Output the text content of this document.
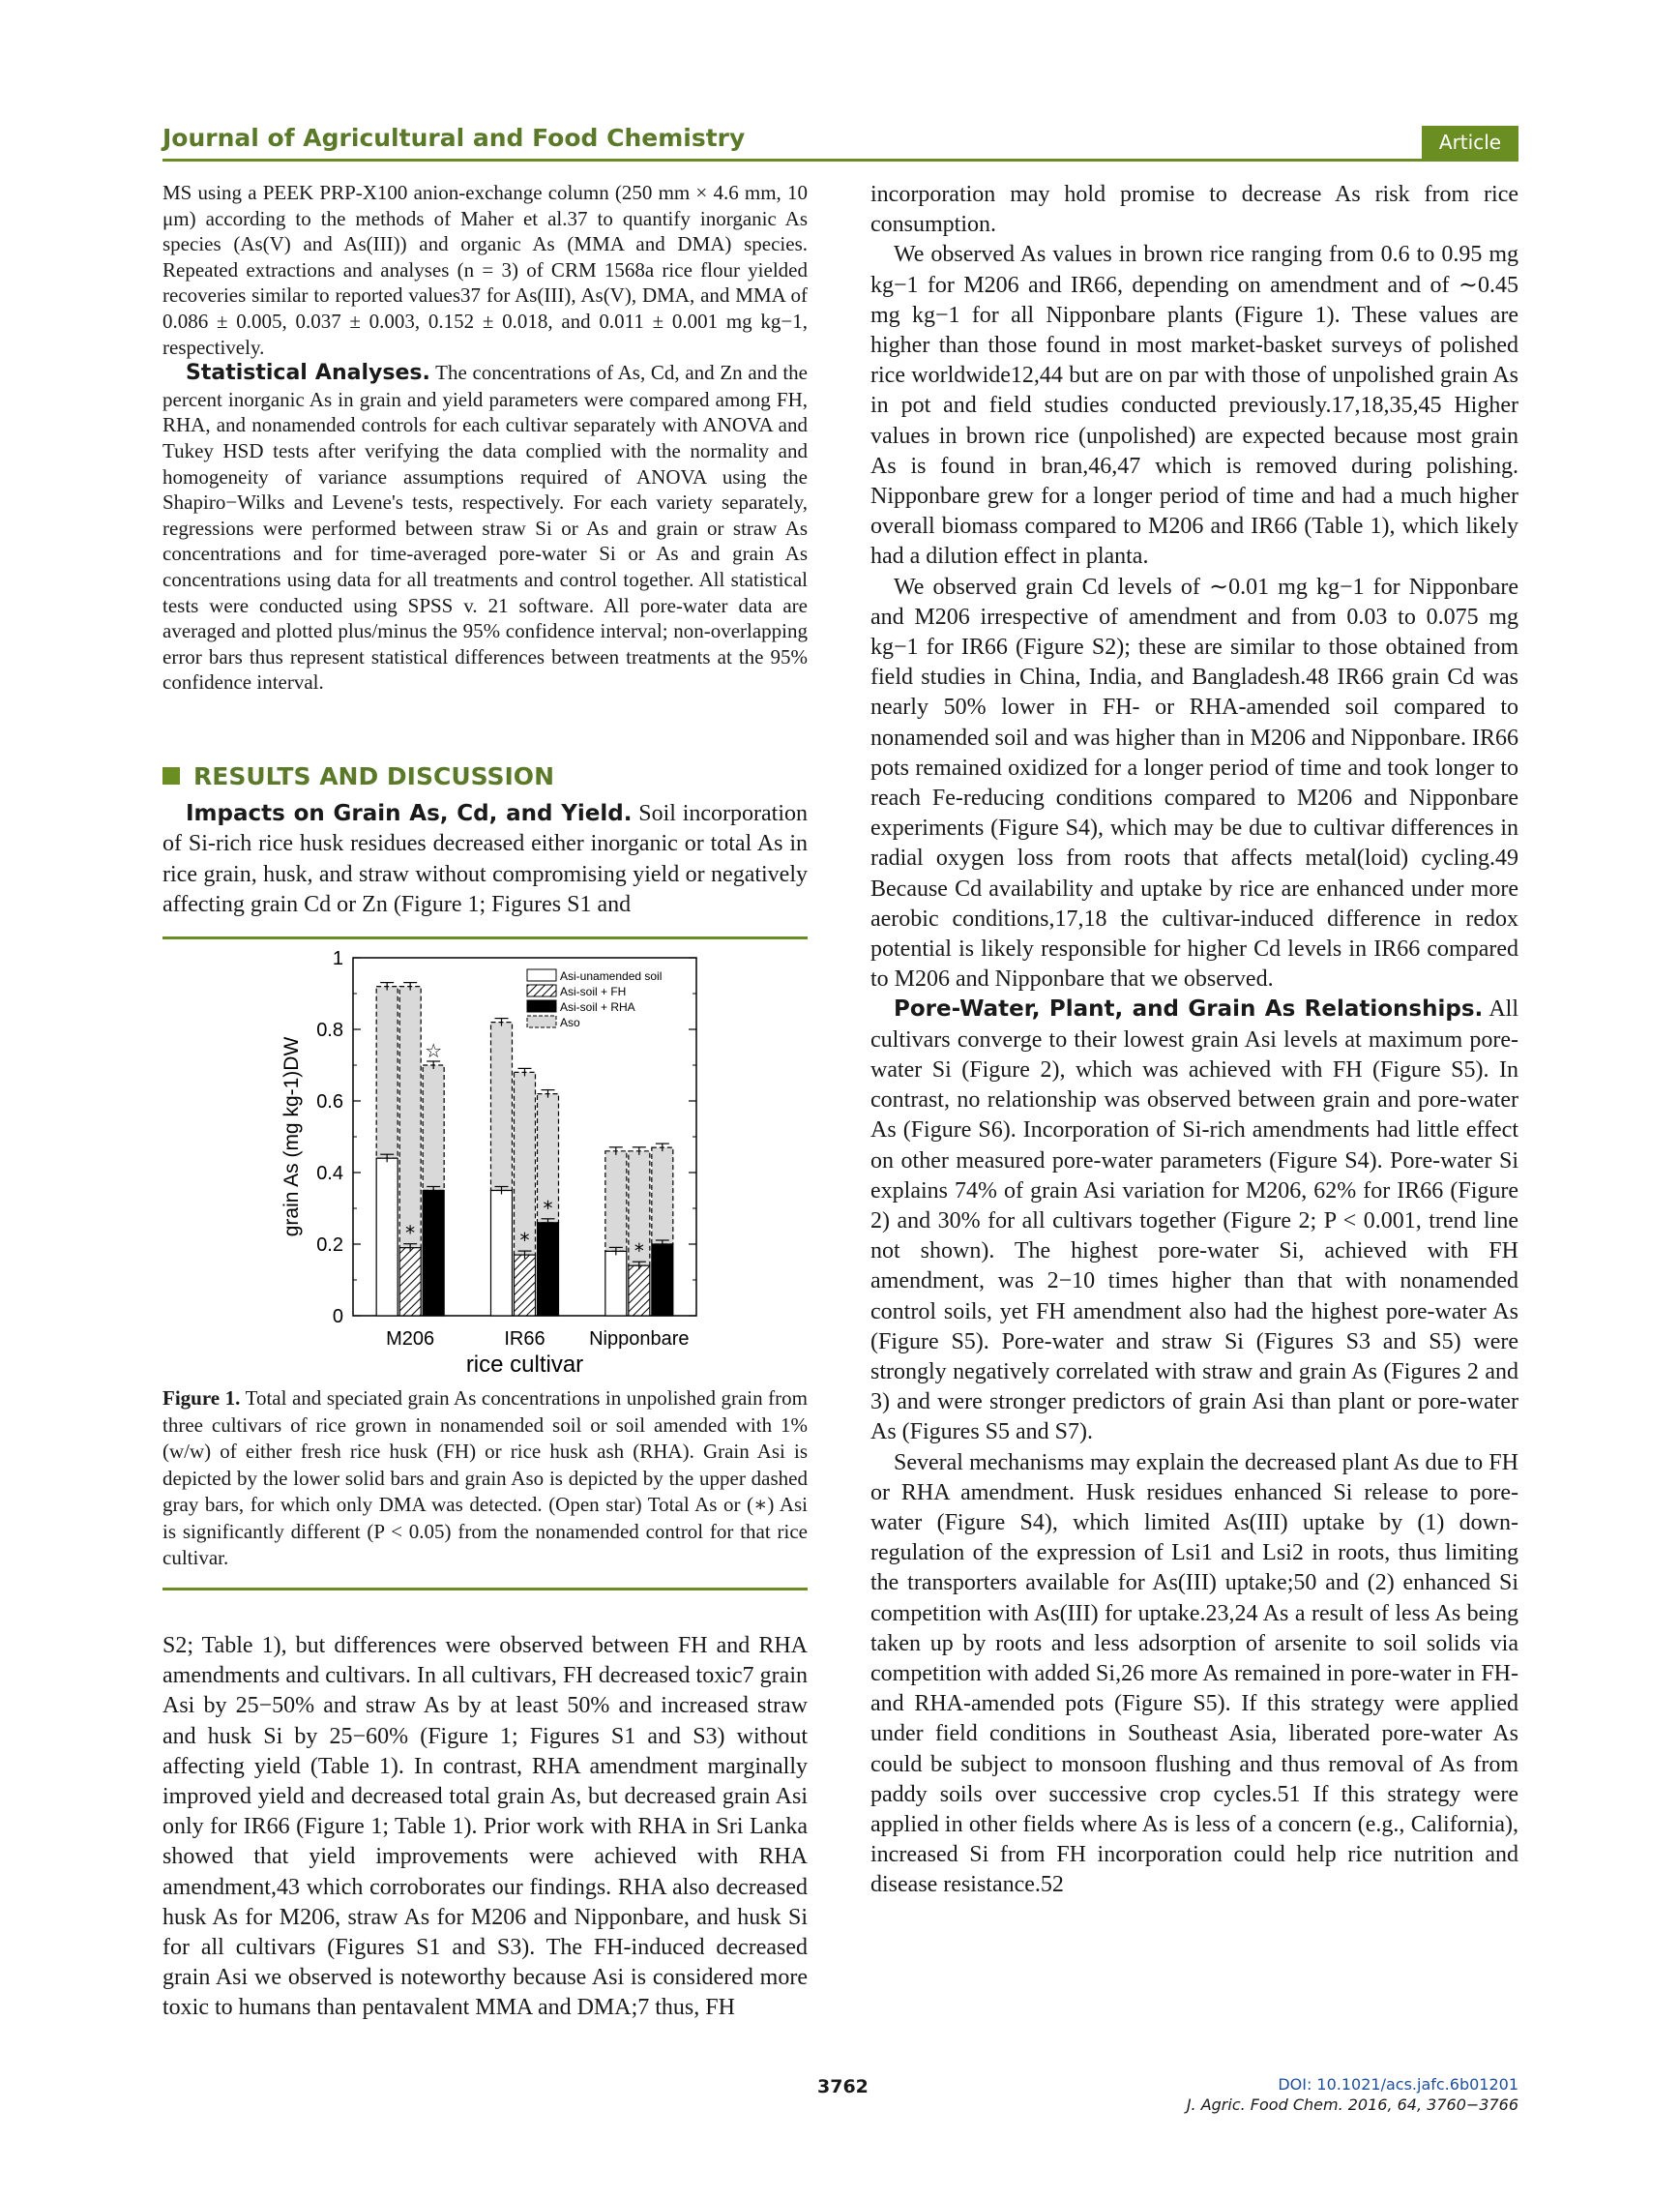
Journal of Agricultural and Food Chemistry	Article

MS using a PEEK PRP-X100 anion-exchange column (250 mm × 4.6 mm, 10 μm) according to the methods of Maher et al.37 to quantify inorganic As species (As(V) and As(III)) and organic As (MMA and DMA) species. Repeated extractions and analyses (n = 3) of CRM 1568a rice flour yielded recoveries similar to reported values37 for As(III), As(V), DMA, and MMA of 0.086 ± 0.005, 0.037 ± 0.003, 0.152 ± 0.018, and 0.011 ± 0.001 mg kg−1, respectively.

Statistical Analyses. The concentrations of As, Cd, and Zn and the percent inorganic As in grain and yield parameters were compared among FH, RHA, and nonamended controls for each cultivar separately with ANOVA and Tukey HSD tests after verifying the data complied with the normality and homogeneity of variance assumptions required of ANOVA using the Shapiro−Wilks and Levene's tests, respectively. For each variety separately, regressions were performed between straw Si or As and grain or straw As concentrations and for time-averaged pore-water Si or As and grain As concentrations using data for all treatments and control together. All statistical tests were conducted using SPSS v. 21 software. All pore-water data are averaged and plotted plus/minus the 95% confidence interval; non-overlapping error bars thus represent statistical differences between treatments at the 95% confidence interval.

RESULTS AND DISCUSSION

Impacts on Grain As, Cd, and Yield. Soil incorporation of Si-rich rice husk residues decreased either inorganic or total As in rice grain, husk, and straw without compromising yield or negatively affecting grain Cd or Zn (Figure 1; Figures S1 and

0
0.2
0.4
0.6
0.8
1
grain As (mg kg-1)DW
M206	IR66 Nipponbare
☆
*	*
*
*
rice cultivar
Asi-unamended soil
Asi-soil + FH
Asi-soil + RHA
Aso
Figure 1. Total and speciated grain As concentrations in unpolished grain from three cultivars of rice grown in nonamended soil or soil amended with 1% (w/w) of either fresh rice husk (FH) or rice husk ash (RHA). Grain Asi is depicted by the lower solid bars and grain Aso is depicted by the upper dashed gray bars, for which only DMA was detected. (Open star) Total As or (∗) Asi is significantly different (P < 0.05) from the nonamended control for that rice cultivar.

S2; Table 1), but differences were observed between FH and RHA amendments and cultivars. In all cultivars, FH decreased toxic7 grain Asi by 25−50% and straw As by at least 50% and increased straw and husk Si by 25−60% (Figure 1; Figures S1 and S3) without affecting yield (Table 1). In contrast, RHA amendment marginally improved yield and decreased total grain As, but decreased grain Asi only for IR66 (Figure 1; Table 1). Prior work with RHA in Sri Lanka showed that yield improvements were achieved with RHA amendment,43 which corroborates our findings. RHA also decreased husk As for M206, straw As for M206 and Nipponbare, and husk Si for all cultivars (Figures S1 and S3). The FH-induced decreased grain Asi we observed is noteworthy because Asi is considered more toxic to humans than pentavalent MMA and DMA;7 thus, FH

incorporation may hold promise to decrease As risk from rice consumption.

We observed As values in brown rice ranging from 0.6 to 0.95 mg kg−1 for M206 and IR66, depending on amendment and of ∼0.45 mg kg−1 for all Nipponbare plants (Figure 1). These values are higher than those found in most market-basket surveys of polished rice worldwide12,44 but are on par with those of unpolished grain As in pot and field studies conducted previously.17,18,35,45 Higher values in brown rice (unpolished) are expected because most grain As is found in bran,46,47 which is removed during polishing. Nipponbare grew for a longer period of time and had a much higher overall biomass compared to M206 and IR66 (Table 1), which likely had a dilution effect in planta.

We observed grain Cd levels of ∼0.01 mg kg−1 for Nipponbare and M206 irrespective of amendment and from 0.03 to 0.075 mg kg−1 for IR66 (Figure S2); these are similar to those obtained from field studies in China, India, and Bangladesh.48 IR66 grain Cd was nearly 50% lower in FH- or RHA-amended soil compared to nonamended soil and was higher than in M206 and Nipponbare. IR66 pots remained oxidized for a longer period of time and took longer to reach Fe-reducing conditions compared to M206 and Nipponbare experiments (Figure S4), which may be due to cultivar differences in radial oxygen loss from roots that affects metal(loid) cycling.49 Because Cd availability and uptake by rice are enhanced under more aerobic conditions,17,18 the cultivar-induced difference in redox potential is likely responsible for higher Cd levels in IR66 compared to M206 and Nipponbare that we observed.

Pore-Water, Plant, and Grain As Relationships. All cultivars converge to their lowest grain Asi levels at maximum pore-water Si (Figure 2), which was achieved with FH (Figure S5). In contrast, no relationship was observed between grain and pore-water As (Figure S6). Incorporation of Si-rich amendments had little effect on other measured pore-water parameters (Figure S4). Pore-water Si explains 74% of grain Asi variation for M206, 62% for IR66 (Figure 2) and 30% for all cultivars together (Figure 2; P < 0.001, trend line not shown). The highest pore-water Si, achieved with FH amendment, was 2−10 times higher than that with nonamended control soils, yet FH amendment also had the highest pore-water As (Figure S5). Pore-water and straw Si (Figures S3 and S5) were strongly negatively correlated with straw and grain As (Figures 2 and 3) and were stronger predictors of grain Asi than plant or pore-water As (Figures S5 and S7).

Several mechanisms may explain the decreased plant As due to FH or RHA amendment. Husk residues enhanced Si release to pore-water (Figure S4), which limited As(III) uptake by (1) down-regulation of the expression of Lsi1 and Lsi2 in roots, thus limiting the transporters available for As(III) uptake;50 and (2) enhanced Si competition with As(III) for uptake.23,24 As a result of less As being taken up by roots and less adsorption of arsenite to soil solids via competition with added Si,26 more As remained in pore-water in FH- and RHA-amended pots (Figure S5). If this strategy were applied under field conditions in Southeast Asia, liberated pore-water As could be subject to monsoon flushing and thus removal of As from paddy soils over successive crop cycles.51 If this strategy were applied in other fields where As is less of a concern (e.g., California), increased Si from FH incorporation could help rice nutrition and disease resistance.52

3762	DOI: 10.1021/acs.jafc.6b01201
J. Agric. Food Chem. 2016, 64, 3760−3766
